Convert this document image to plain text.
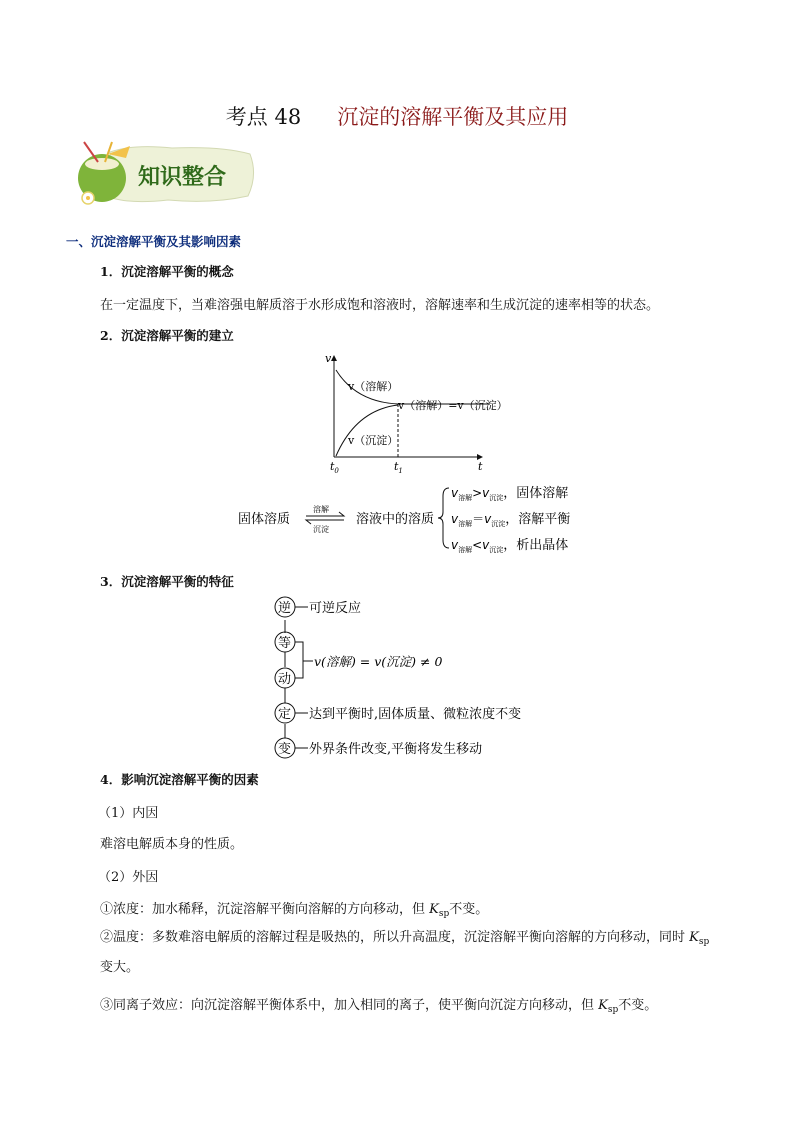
考点 48 沉淀的溶解平衡及其应用
知识整合
一、沉淀溶解平衡及其影响因素
1．沉淀溶解平衡的概念
在一定温度下，当难溶强电解质溶于水形成饱和溶液时，溶解速率和生成沉淀的速率相等的状态。
2．沉淀溶解平衡的建立
v
t
$t_0$	$t_1$
v（溶解）
v（沉淀）
v（溶解）=v（沉淀）
固体溶质
溶解
沉淀
溶液中的溶质
$v_{溶解}>v_{沉淀}$，固体溶解
$v_{溶解}=v_{沉淀}$，溶解平衡
$v_{溶解}<v_{沉淀}$，析出晶体
逆 可逆反应
等
动
v(溶解) = v(沉淀) ≠ 0
定 达到平衡时,固体质量、微粒浓度不变
变 外界条件改变,平衡将发生移动
3．沉淀溶解平衡的特征
4．影响沉淀溶解平衡的因素
（1）内因
难溶电解质本身的性质。
（2）外因
①浓度：加水稀释，沉淀溶解平衡向溶解的方向移动，但 $K_{sp}$不变。
②温度：多数难溶电解质的溶解过程是吸热的，所以升高温度，沉淀溶解平衡向溶解的方向移动，同时 $K_{sp}$变大。
③同离子效应：向沉淀溶解平衡体系中，加入相同的离子，使平衡向沉淀方向移动，但 $K_{sp}$不变。
